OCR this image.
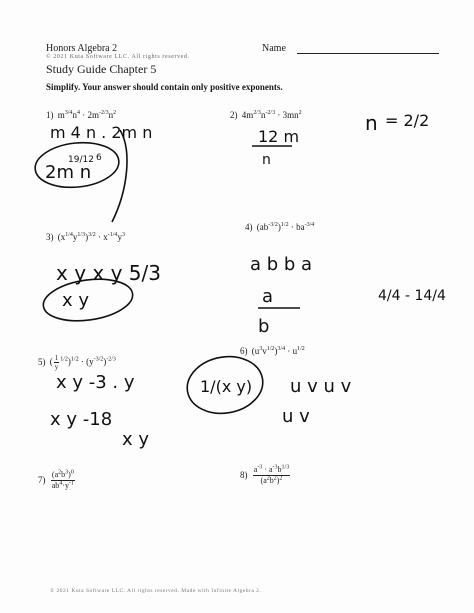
Honors Algebra 2	Name
© 2021 Kuta Software LLC. All rights reserved.
Study Guide Chapter 5
Simplify. Your answer should contain only positive exponents.
1) $m^{3/4}n^4 \cdot 2m^{-2/3}n^2$	2) $4m^{2/3}n^{-2/3} \cdot 3mn^2$
3) $(x^{1/4}y^{1/3})^{3/2} \cdot x^{-1/4}y^3$
4) $(ab^{-3/2})^{1/2} \cdot ba^{-3/4}$
5) ( $\frac{1}{y} ^{1/2})^{1/2} \cdot (y^{-3/2})^{-2/3}$
6) $(u^3v^{1/2})^{3/4} \cdot u^{1/2}$
$7) \frac{(a^2b^3)^0}{ab^4\cdot y^{-1}}$	$8) \frac{a^{-3} \cdot a^{-3}b^{1/3}}{(a^2b^2)^2}$
© 2021 Kuta Software LLC. All rights reserved. Made with Infinite Algebra 2.
m 4 n . 2m n
2m n
19/12 6
12 m
n
n = 2/2
x y x y 5/3
x y
a b b a
4/4 - 14/4
a
b
x y -3 . y
x y -18
x y
1/(x y) u v u v
u v
